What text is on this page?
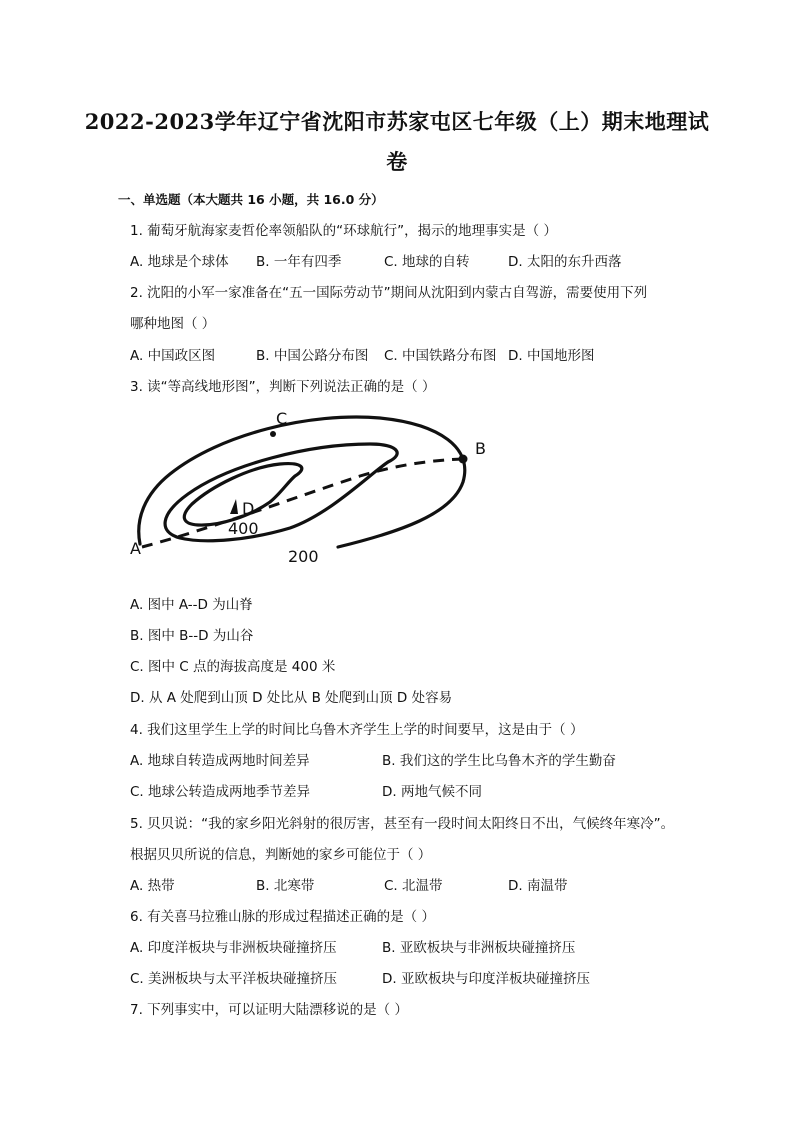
2022-2023学年辽宁省沈阳市苏家屯区七年级（上）期末地理试
卷
一、单选题（本大题共 16 小题，共 16.0 分）
1. 葡萄牙航海家麦哲伦率领船队的“环球航行”，揭示的地理事实是（ ）
A. 地球是个球体 B. 一年有四季	C. 地球的自转	D. 太阳的东升西落
2. 沈阳的小军一家准备在“五一国际劳动节”期间从沈阳到内蒙古自驾游，需要使用下列
哪种地图（ ）
A. 中国政区图	B. 中国公路分布图 C. 中国铁路分布图 D. 中国地形图
3. 读“等高线地形图”，判断下列说法正确的是（ ）
A
B
C
D
400
200
A. 图中 A--D 为山脊
B. 图中 B--D 为山谷
C. 图中 C 点的海拔高度是 400 米
D. 从 A 处爬到山顶 D 处比从 B 处爬到山顶 D 处容易
4. 我们这里学生上学的时间比乌鲁木齐学生上学的时间要早，这是由于（ ）
A. 地球自转造成两地时间差异	B. 我们这的学生比乌鲁木齐的学生勤奋
C. 地球公转造成两地季节差异	D. 两地气候不同
5. 贝贝说：“我的家乡阳光斜射的很厉害，甚至有一段时间太阳终日不出，气候终年寒冷”。
根据贝贝所说的信息，判断她的家乡可能位于（ ）
A. 热带	B. 北寒带	C. 北温带	D. 南温带
6. 有关喜马拉雅山脉的形成过程描述正确的是（ ）
A. 印度洋板块与非洲板块碰撞挤压	B. 亚欧板块与非洲板块碰撞挤压
C. 美洲板块与太平洋板块碰撞挤压	D. 亚欧板块与印度洋板块碰撞挤压
7. 下列事实中，可以证明大陆漂移说的是（ ）
